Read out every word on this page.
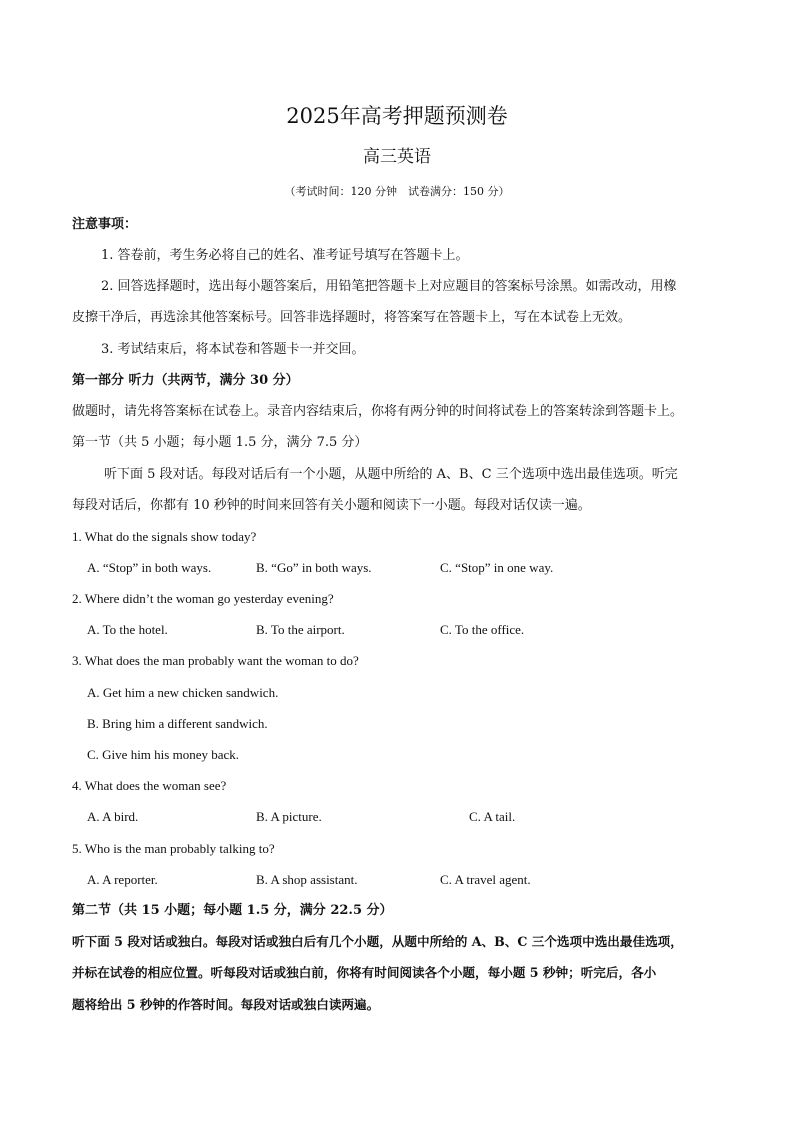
2025年高考押题预测卷
高三英语
（考试时间：120 分钟　试卷满分：150 分）
注意事项：
1. 答卷前，考生务必将自己的姓名、准考证号填写在答题卡上。
2. 回答选择题时，选出每小题答案后，用铅笔把答题卡上对应题目的答案标号涂黑。如需改动，用橡
皮擦干净后，再选涂其他答案标号。回答非选择题时，将答案写在答题卡上，写在本试卷上无效。
3. 考试结束后，将本试卷和答题卡一并交回。
第一部分 听力（共两节，满分 30 分）
做题时，请先将答案标在试卷上。录音内容结束后，你将有两分钟的时间将试卷上的答案转涂到答题卡上。
第一节（共 5 小题；每小题 1.5 分，满分 7.5 分）
听下面 5 段对话。每段对话后有一个小题，从题中所给的 A、B、C 三个选项中选出最佳选项。听完
每段对话后，你都有 10 秒钟的时间来回答有关小题和阅读下一小题。每段对话仅读一遍。
1. What do the signals show today?
A. “Stop” in both ways.	B. “Go” in both ways.	C. “Stop” in one way.
2. Where didn’t the woman go yesterday evening?
A. To the hotel.	B. To the airport.	C. To the office.
3. What does the man probably want the woman to do?
A. Get him a new chicken sandwich.
B. Bring him a different sandwich.
C. Give him his money back.
4. What does the woman see?
A. A bird.	B. A picture.	C. A tail.
5. Who is the man probably talking to?
A. A reporter.	B. A shop assistant.	C. A travel agent.
第二节（共 15 小题；每小题 1.5 分，满分 22.5 分）
听下面 5 段对话或独白。每段对话或独白后有几个小题，从题中所给的 A、B、C 三个选项中选出最佳选项，
并标在试卷的相应位置。听每段对话或独白前，你将有时间阅读各个小题，每小题 5 秒钟；听完后，各小
题将给出 5 秒钟的作答时间。每段对话或独白读两遍。
